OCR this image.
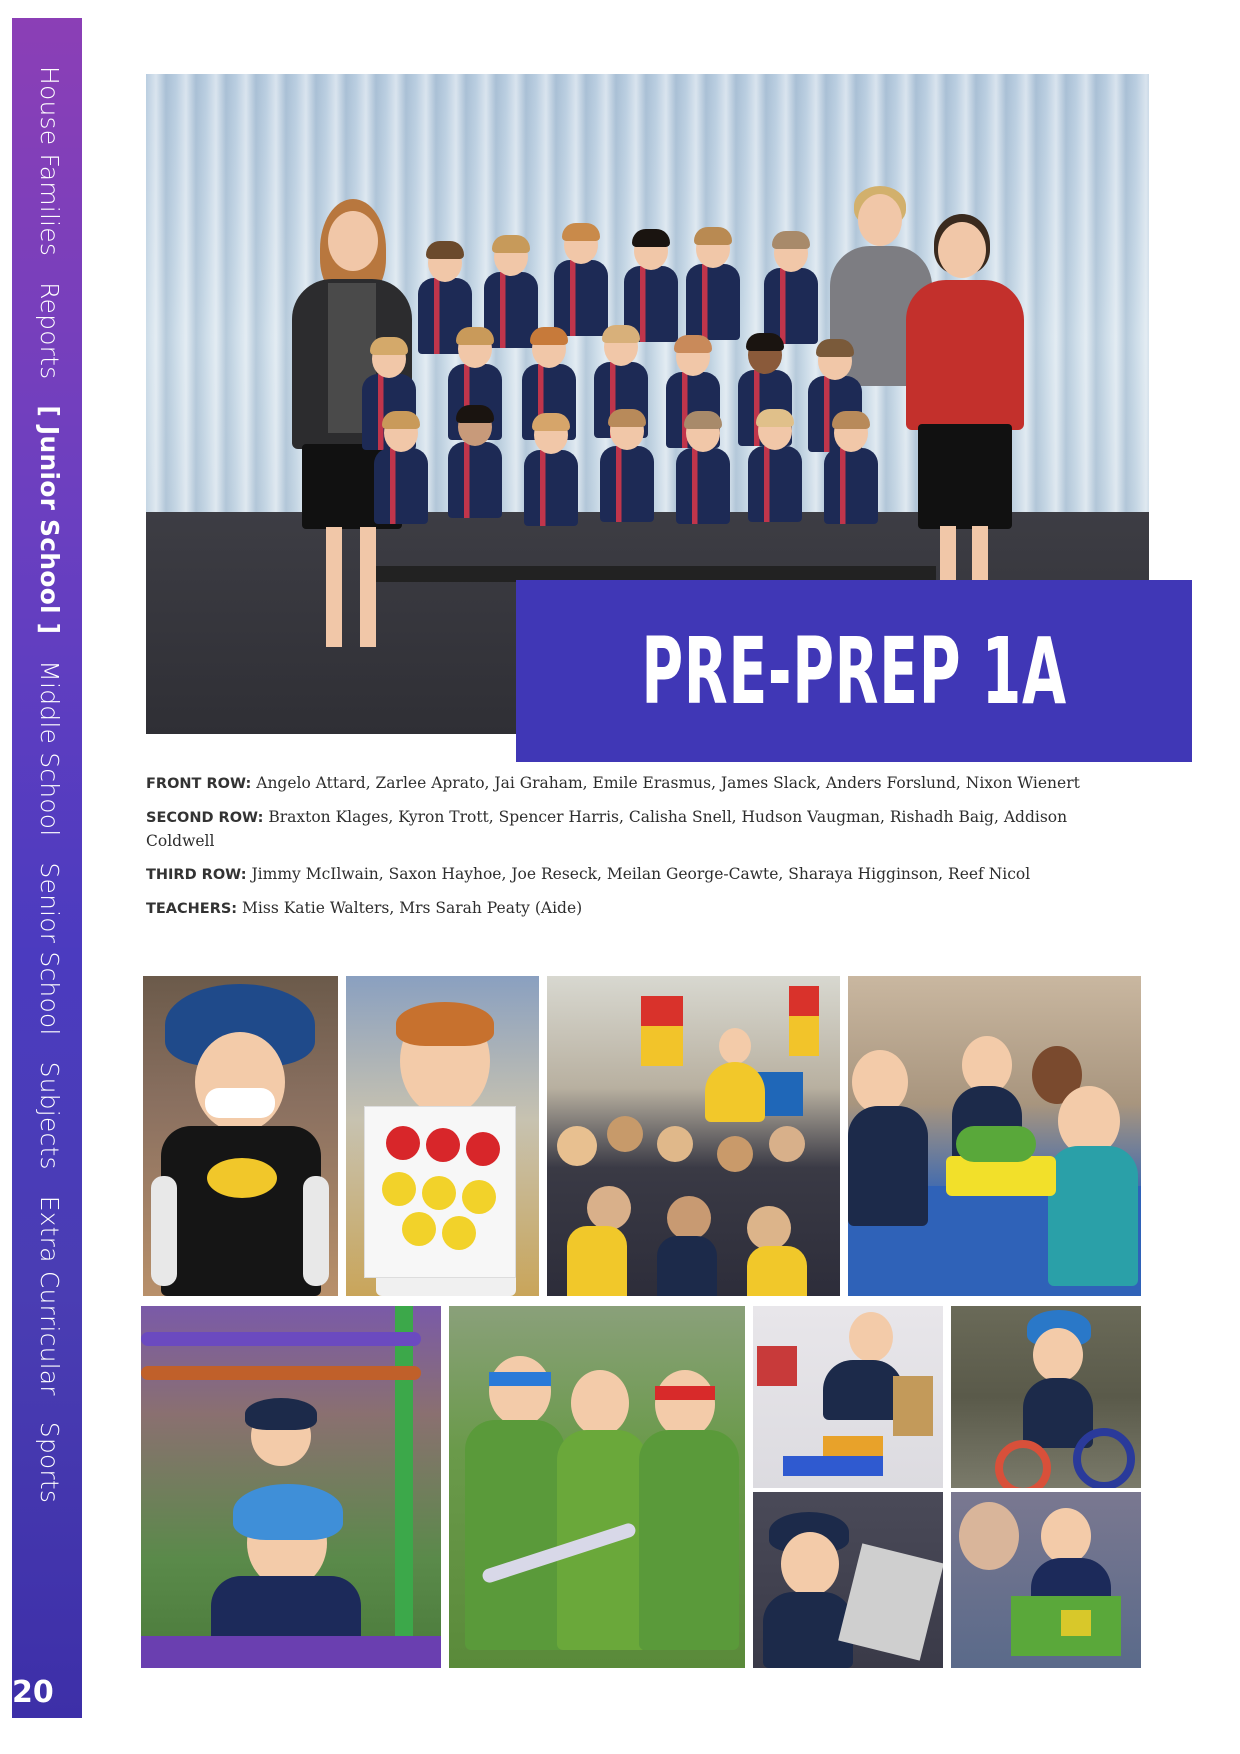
House Families
Reports
[ Junior School ]
Middle School
Senior School
Subjects
Extra Curricular
Sports
20
PRE-PREP 1A

FRONT ROW: Angelo Attard, Zarlee Aprato, Jai Graham, Emile Erasmus, James Slack, Anders Forslund, Nixon Wienert

SECOND ROW: Braxton Klages, Kyron Trott, Spencer Harris, Calisha Snell, Hudson Vaugman, Rishadh Baig, Addison Coldwell

THIRD ROW: Jimmy McIlwain, Saxon Hayhoe, Joe Reseck, Meilan George-Cawte, Sharaya Higginson, Reef Nicol

TEACHERS: Miss Katie Walters, Mrs Sarah Peaty (Aide)
